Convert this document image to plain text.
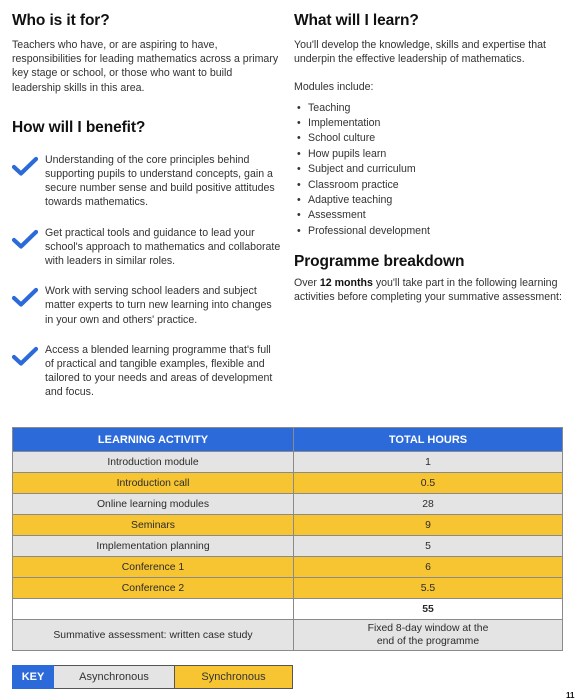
Who is it for?

Teachers who have, or are aspiring to have, responsibilities for leading mathematics across a primary key stage or school, or those who want to build leadership skills in this area.

How will I benefit?

Understanding of the core principles behind supporting pupils to understand concepts, gain a secure number sense and build positive attitudes towards mathematics.

Get practical tools and guidance to lead your school's approach to mathematics and collaborate with leaders in similar roles.

Work with serving school leaders and subject matter experts to turn new learning into changes in your own and others' practice.

Access a blended learning programme that's full of practical and tangible examples, flexible and tailored to your needs and areas of development and focus.

What will I learn?

You'll develop the knowledge, skills and expertise that underpin the effective leadership of mathematics.

Modules include:

• Teaching
• Implementation
• School culture
• How pupils learn
• Subject and curriculum
• Classroom practice
• Adaptive teaching
• Assessment
• Professional development
Programme breakdown

Over 12 months you'll take part in the following learning activities before completing your summative assessment:

LEARNING ACTIVITY	TOTAL HOURS
Introduction module	1
Introduction call	0.5
Online learning modules	28
Seminars	9
Implementation planning	5
Conference 1	6
Conference 2	5.5
	55
Summative assessment: written case study	Fixed 8-day window at the
end of the programme
KEY	Asynchronous	Synchronous
11
